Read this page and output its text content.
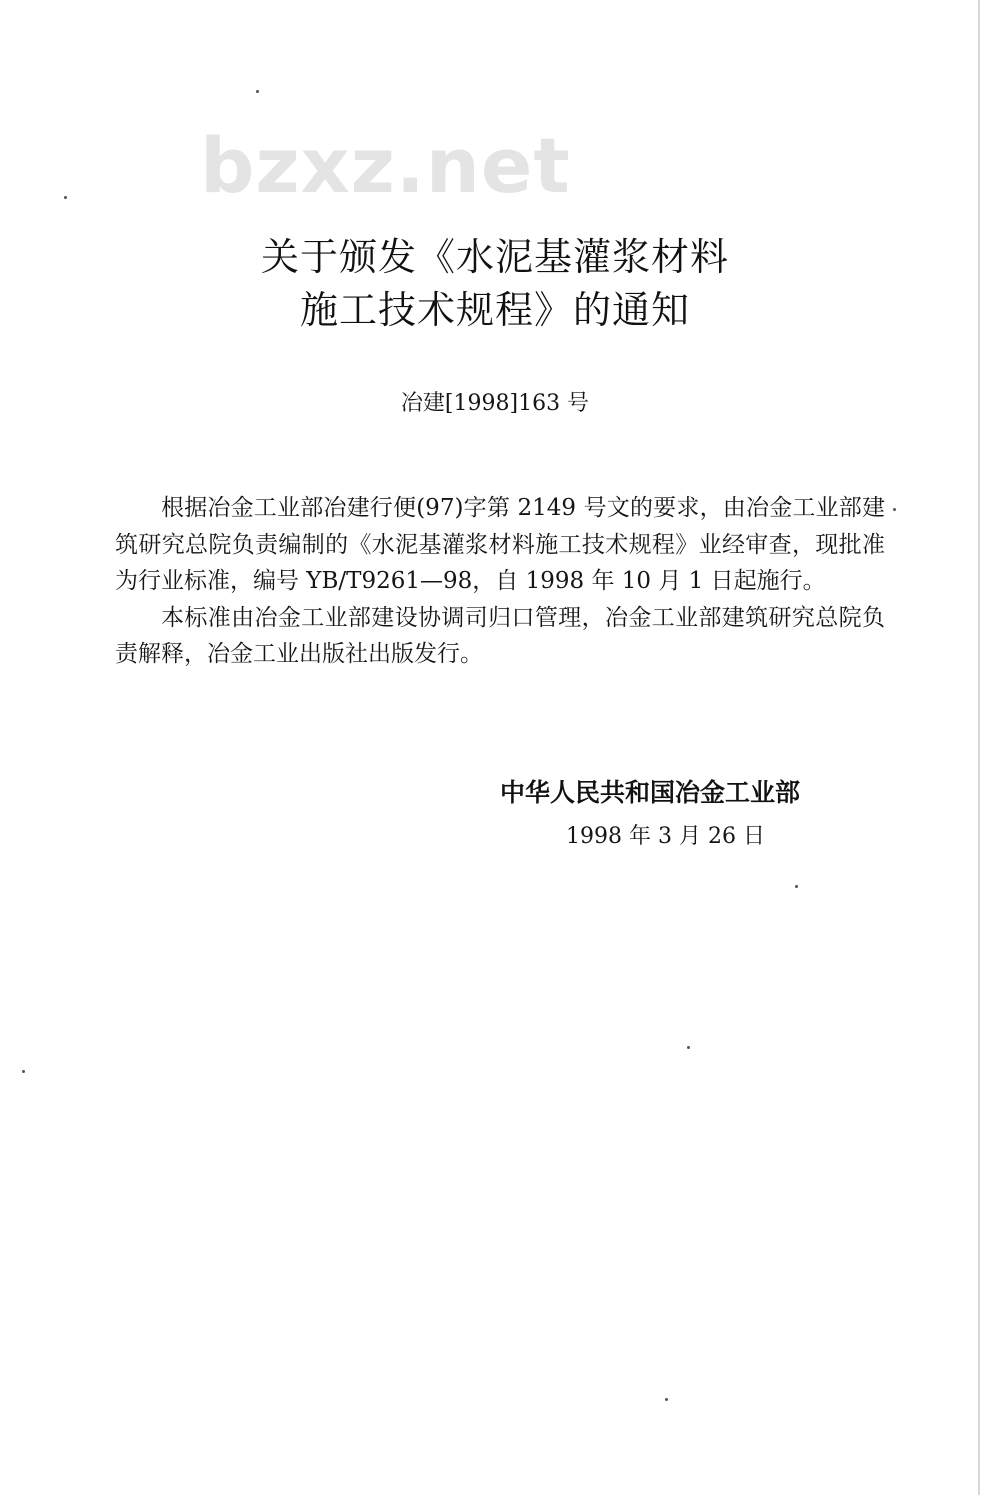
bzxz.net
关于颁发《水泥基灌浆材料
施工技术规程》的通知
冶建[1998]163 号

根据冶金工业部冶建行便(97)字第 2149 号文的要求，由冶金工业部建筑研究总院负责编制的《水泥基灌浆材料施工技术规程》业经审查，现批准为行业标准，编号 YB/T9261—98，自 1998 年 10 月 1 日起施行。

本标准由冶金工业部建设协调司归口管理，冶金工业部建筑研究总院负责解释，冶金工业出版社出版发行。

中华人民共和国冶金工业部
1998 年 3 月 26 日
